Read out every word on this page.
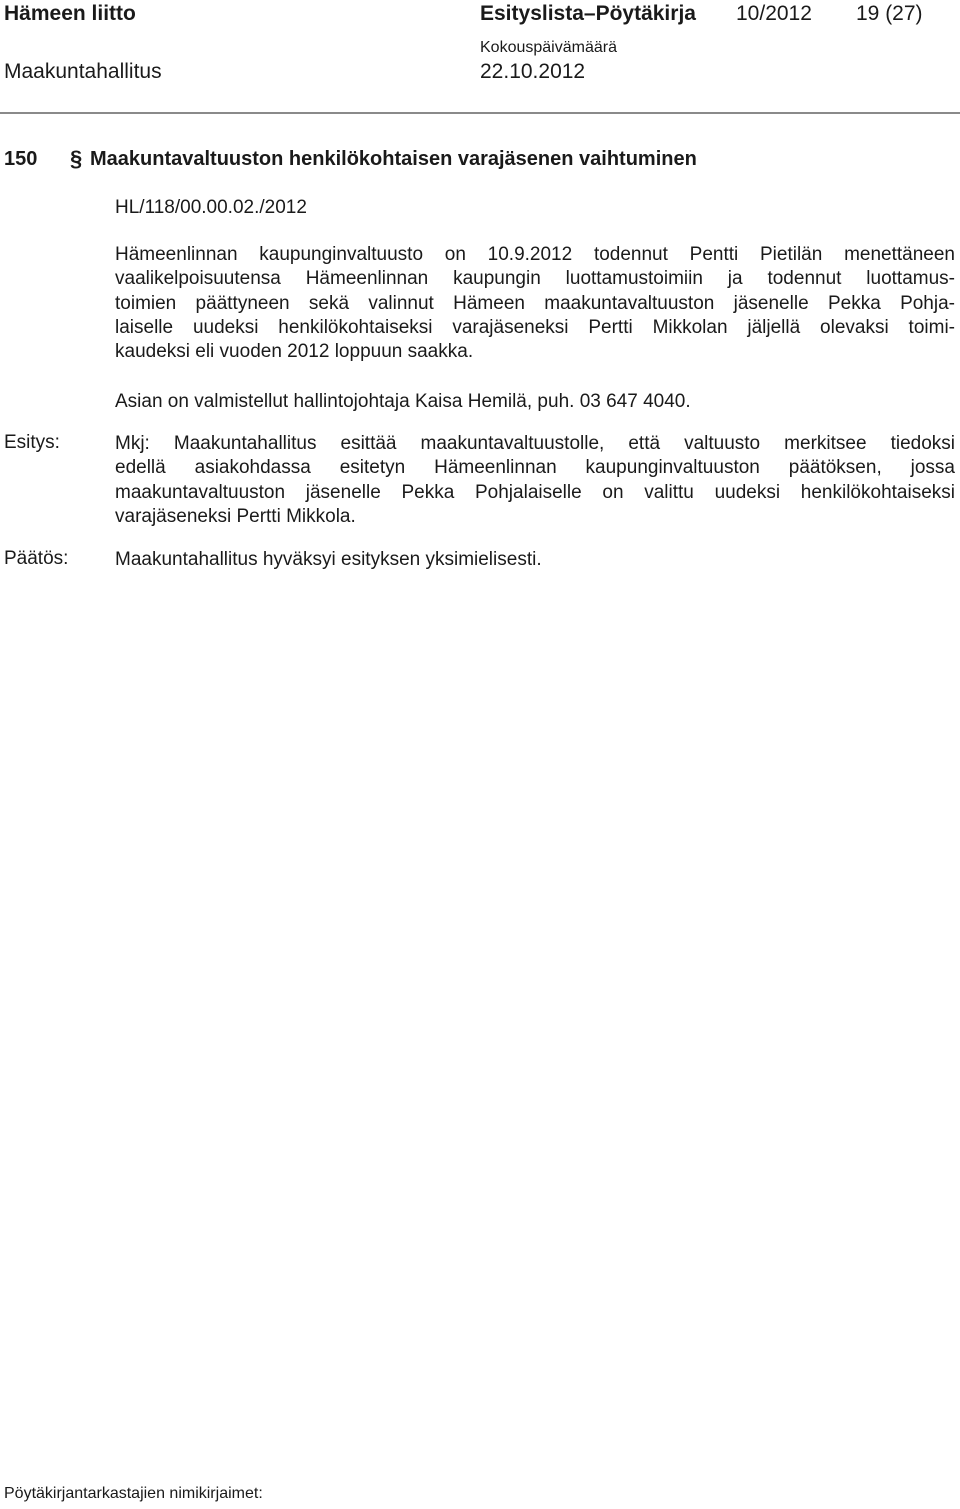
Hämeen liitto	Esityslista–Pöytäkirja 10/2012 19 (27)
Maakuntahallitus
Kokouspäivämäärä
22.10.2012
150 § Maakuntavaltuuston henkilökohtaisen varajäsenen vaihtuminen
HL/118/00.00.02./2012
Hämeenlinnan kaupunginvaltuusto on 10.9.2012 todennut Pentti Pietilän menettäneen
vaalikelpoisuutensa Hämeenlinnan kaupungin luottamustoimiin ja todennut luottamus-
toimien päättyneen sekä valinnut Hämeen maakuntavaltuuston jäsenelle Pekka Pohja-
laiselle uudeksi henkilökohtaiseksi varajäseneksi Pertti Mikkolan jäljellä olevaksi toimi-
kaudeksi eli vuoden 2012 loppuun saakka.
Asian on valmistellut hallintojohtaja Kaisa Hemilä, puh. 03 647 4040.
Esitys:	Mkj: Maakuntahallitus esittää maakuntavaltuustolle, että valtuusto merkitsee tiedoksi
edellä asiakohdassa esitetyn Hämeenlinnan kaupunginvaltuuston päätöksen, jossa
maakuntavaltuuston jäsenelle Pekka Pohjalaiselle on valittu uudeksi henkilökohtaiseksi
varajäseneksi Pertti Mikkola.
Päätös: Maakuntahallitus hyväksyi esityksen yksimielisesti.
Pöytäkirjantarkastajien nimikirjaimet:
